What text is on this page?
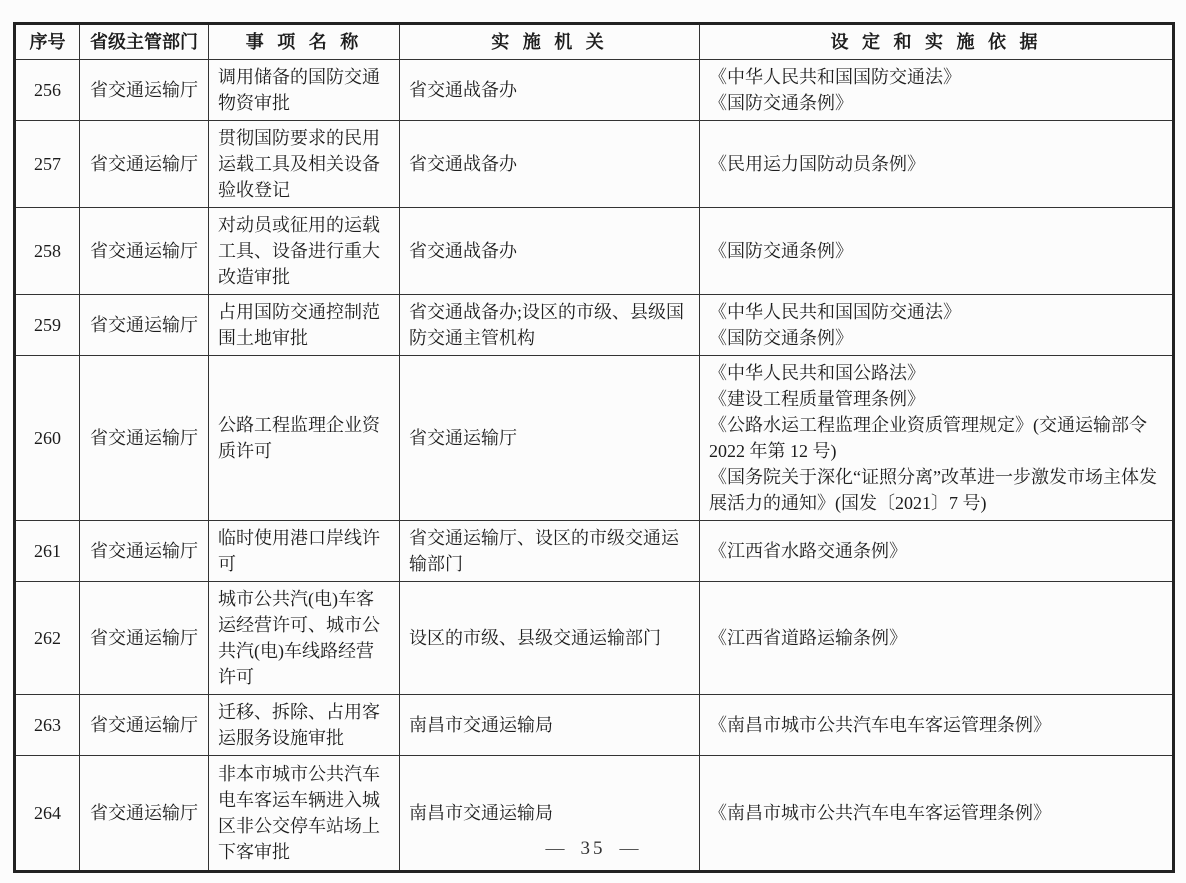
序号	省级主管部门	事项名称	实施机关	设定和实施依据
256	省交通运输厅	调用储备的国防交通物资审批	省交通战备办	《中华人民共和国国防交通法》
《国防交通条例》

257	省交通运输厅	贯彻国防要求的民用运载工具及相关设备验收登记	省交通战备办	《民用运力国防动员条例》

258	省交通运输厅	对动员或征用的运载工具、设备进行重大改造审批	省交通战备办	《国防交通条例》

259	省交通运输厅	占用国防交通控制范围土地审批	省交通战备办;设区的市级、县级国防交通主管机构	《中华人民共和国国防交通法》
《国防交通条例》

260	省交通运输厅	公路工程监理企业资质许可	省交通运输厅	《中华人民共和国公路法》
《建设工程质量管理条例》
《公路水运工程监理企业资质管理规定》(交通运输部令 2022 年第 12 号)
《国务院关于深化“证照分离”改革进一步激发市场主体发展活力的通知》(国发〔2021〕7 号)

261	省交通运输厅	临时使用港口岸线许可	省交通运输厅、设区的市级交通运输部门	《江西省水路交通条例》

262	省交通运输厅	城市公共汽(电)车客运经营许可、城市公共汽(电)车线路经营许可	设区的市级、县级交通运输部门	《江西省道路运输条例》

263	省交通运输厅	迁移、拆除、占用客运服务设施审批	南昌市交通运输局	《南昌市城市公共汽车电车客运管理条例》

264	省交通运输厅	非本市城市公共汽车电车客运车辆进入城区非公交停车站场上下客审批	南昌市交通运输局	《南昌市城市公共汽车电车客运管理条例》
— 35 —
